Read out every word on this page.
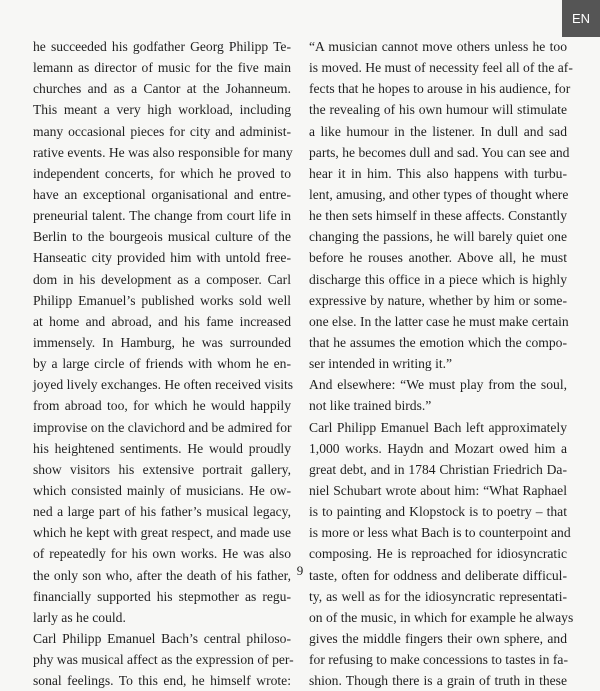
EN
he succeeded his godfather Georg Philipp Te-
lemann as director of music for the five main
churches and as a Cantor at the Johanneum.
This meant a very high workload, including
many occasional pieces for city and administ-
rative events. He was also responsible for many
independent concerts, for which he proved to
have an exceptional organisational and entre-
preneurial talent. The change from court life in
Berlin to the bourgeois musical culture of the
Hanseatic city provided him with untold free-
dom in his development as a composer. Carl
Philipp Emanuel’s published works sold well
at home and abroad, and his fame increased
immensely. In Hamburg, he was surrounded
by a large circle of friends with whom he en-
joyed lively exchanges. He often received visits
from abroad too, for which he would happily
improvise on the clavichord and be admired for
his heightened sentiments. He would proudly
show visitors his extensive portrait gallery,
which consisted mainly of musicians. He ow-
ned a large part of his father’s musical legacy,
which he kept with great respect, and made use
of repeatedly for his own works. He was also
the only son who, after the death of his father,
financially supported his stepmother as regu-
larly as he could.
Carl Philipp Emanuel Bach’s central philoso-
phy was musical affect as the expression of per-
sonal feelings. To this end, he himself wrote:
“A musician cannot move others unless he too
is moved. He must of necessity feel all of the af-
fects that he hopes to arouse in his audience, for
the revealing of his own humour will stimulate
a like humour in the listener. In dull and sad
parts, he becomes dull and sad. You can see and
hear it in him. This also happens with turbu-
lent, amusing, and other types of thought where
he then sets himself in these affects. Constantly
changing the passions, he will barely quiet one
before he rouses another. Above all, he must
discharge this office in a piece which is highly
expressive by nature, whether by him or some-
one else. In the latter case he must make certain
that he assumes the emotion which the compo-
ser intended in writing it.”
And elsewhere: “We must play from the soul,
not like trained birds.”
Carl Philipp Emanuel Bach left approximately
1,000 works. Haydn and Mozart owed him a
great debt, and in 1784 Christian Friedrich Da-
niel Schubart wrote about him: “What Raphael
is to painting and Klopstock is to poetry – that
is more or less what Bach is to counterpoint and
composing. He is reproached for idiosyncratic
taste, often for oddness and deliberate difficul-
ty, as well as for the idiosyncratic representati-
on of the music, in which for example he always
gives the middle fingers their own sphere, and
for refusing to make concessions to tastes in fa-
shion. Though there is a grain of truth in these
9
